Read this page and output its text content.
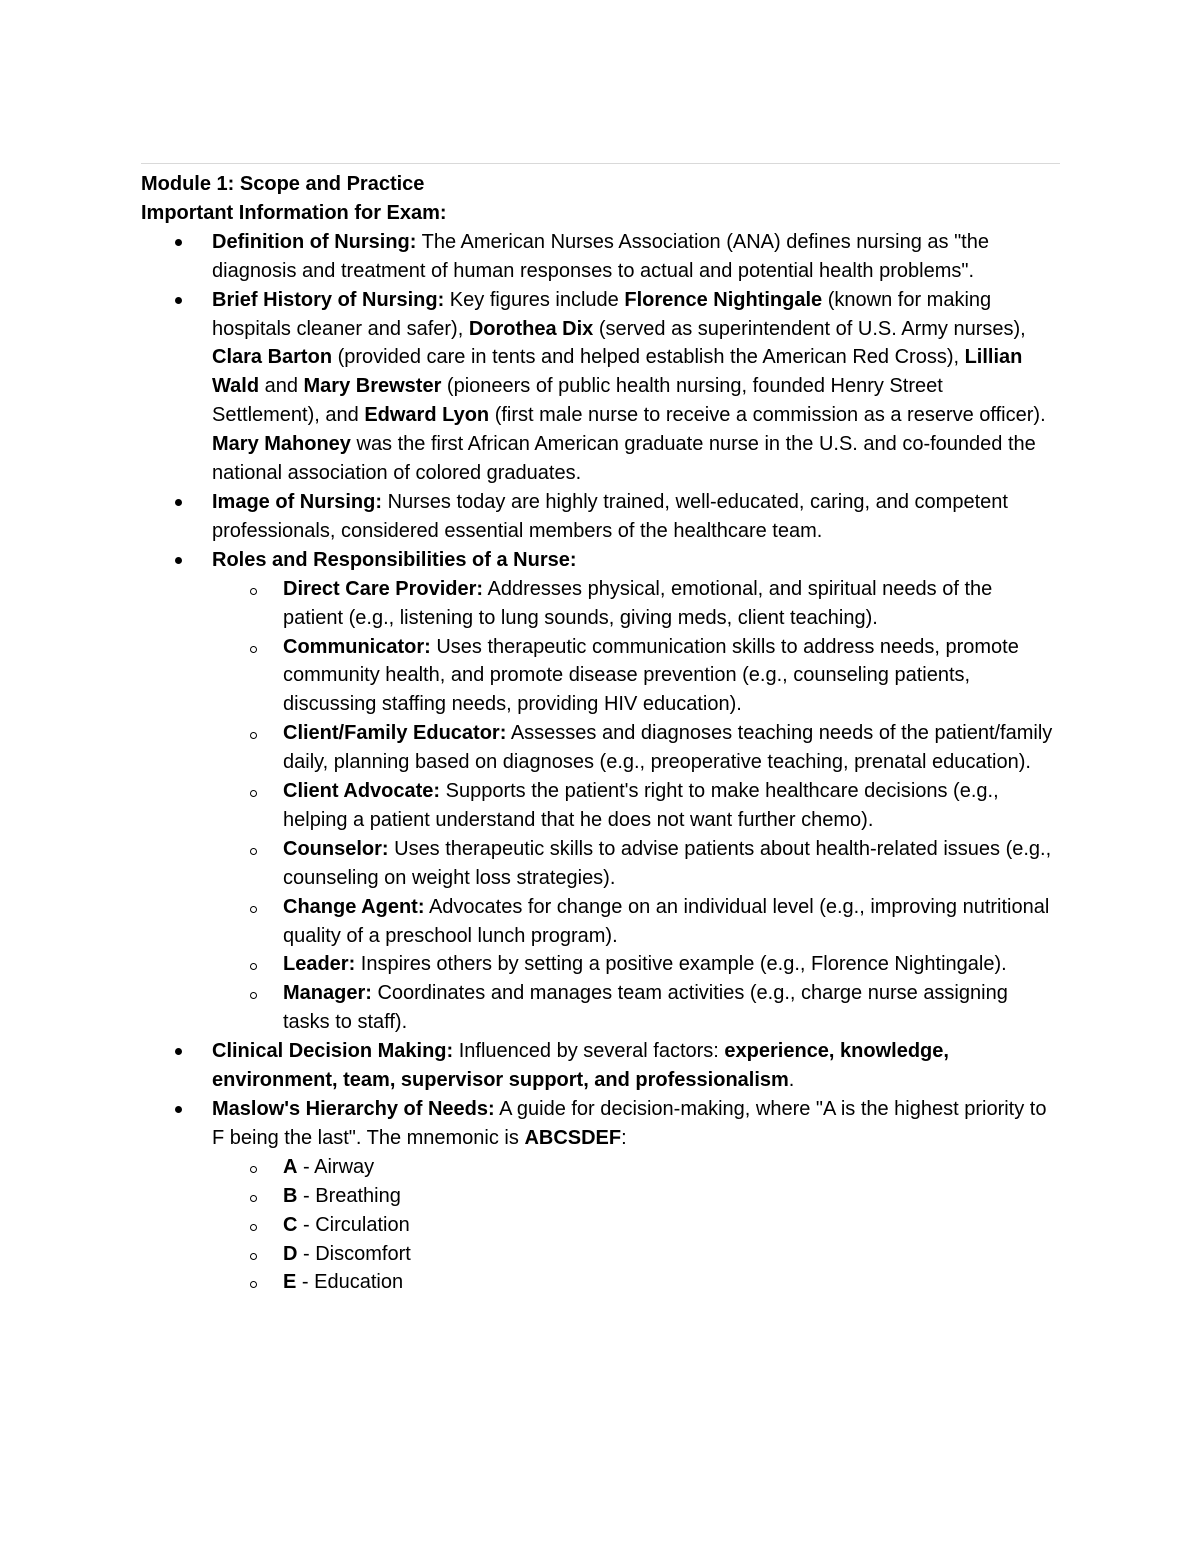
Module 1: Scope and Practice

Important Information for Exam:

Definition of Nursing: The American Nurses Association (ANA) defines nursing as "the diagnosis and treatment of human responses to actual and potential health problems".
Brief History of Nursing: Key figures include Florence Nightingale (known for making hospitals cleaner and safer), Dorothea Dix (served as superintendent of U.S. Army nurses), Clara Barton (provided care in tents and helped establish the American Red Cross), Lillian Wald and Mary Brewster (pioneers of public health nursing, founded Henry Street Settlement), and Edward Lyon (first male nurse to receive a commission as a reserve officer). Mary Mahoney was the first African American graduate nurse in the U.S. and co-founded the national association of colored graduates.
Image of Nursing: Nurses today are highly trained, well-educated, caring, and competent professionals, considered essential members of the healthcare team.
Roles and Responsibilities of a Nurse:
Direct Care Provider: Addresses physical, emotional, and spiritual needs of the patient (e.g., listening to lung sounds, giving meds, client teaching).
Communicator: Uses therapeutic communication skills to address needs, promote community health, and promote disease prevention (e.g., counseling patients, discussing staffing needs, providing HIV education).
Client/Family Educator: Assesses and diagnoses teaching needs of the patient/family daily, planning based on diagnoses (e.g., preoperative teaching, prenatal education).
Client Advocate: Supports the patient's right to make healthcare decisions (e.g., helping a patient understand that he does not want further chemo).
Counselor: Uses therapeutic skills to advise patients about health-related issues (e.g., counseling on weight loss strategies).
Change Agent: Advocates for change on an individual level (e.g., improving nutritional quality of a preschool lunch program).
Leader: Inspires others by setting a positive example (e.g., Florence Nightingale).
Manager: Coordinates and manages team activities (e.g., charge nurse assigning tasks to staff).
Clinical Decision Making: Influenced by several factors: experience, knowledge, environment, team, supervisor support, and professionalism.
Maslow's Hierarchy of Needs: A guide for decision-making, where "A is the highest priority to F being the last". The mnemonic is ABCSDEF:
A - Airway
B - Breathing
C - Circulation
D - Discomfort
E - Education
